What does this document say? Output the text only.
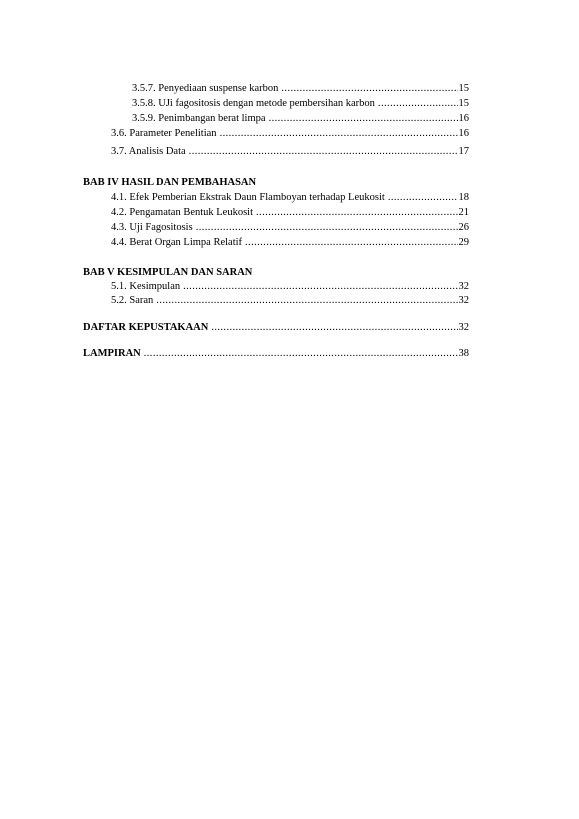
3.5.7. Penyediaan suspense karbon .....	15
3.5.8. UJi fagositosis dengan metode pembersihan karbon .....	15
3.5.9. Penimbangan berat limpa .....	16
3.6. Parameter Penelitian .....	16
3.7. Analisis Data .....	17
BAB IV HASIL DAN PEMBAHASAN
4.1. Efek Pemberian Ekstrak Daun Flamboyan terhadap Leukosit .....	18
4.2. Pengamatan Bentuk Leukosit .....	21
4.3. Uji Fagositosis .....	26
4.4. Berat Organ Limpa Relatif .....	29
BAB V KESIMPULAN DAN SARAN
5.1. Kesimpulan .....	32
5.2. Saran .....	32
DAFTAR KEPUSTAKAAN .....	32
LAMPIRAN .....	38
